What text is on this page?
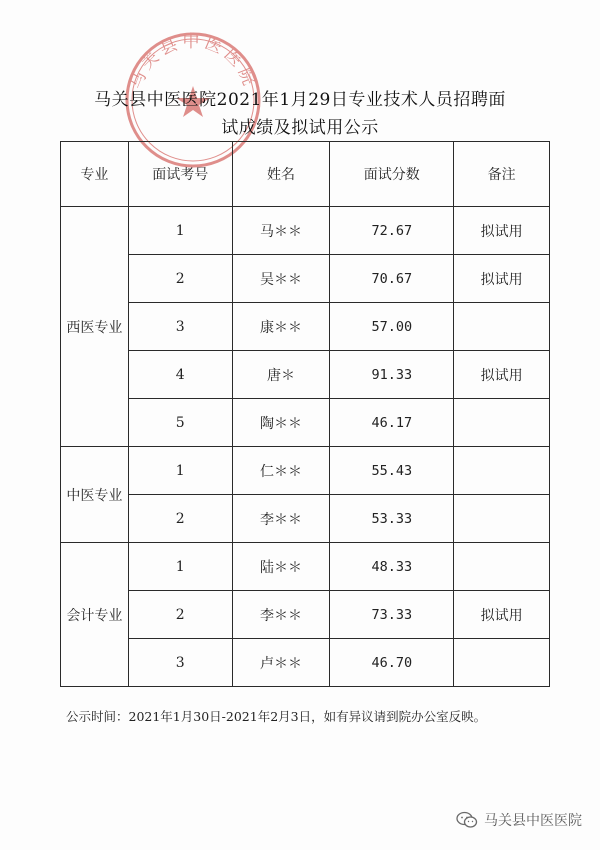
马关县中医医院
马关县中医医院2021年1月29日专业技术人员招聘面
试成绩及拟试用公示
专业	面试考号	姓名	面试分数	备注
西医专业	1	马＊＊	72.67	拟试用
	2	吴＊＊	70.67	拟试用
	3	康＊＊	57.00	
	4	唐＊	91.33	拟试用
	5	陶＊＊	46.17	
中医专业	1	仁＊＊	55.43	
	2	李＊＊	53.33	
会计专业	1	陆＊＊	48.33	
	2	李＊＊	73.33	拟试用
	3	卢＊＊	46.70	
公示时间：2021年1月30日-2021年2月3日，如有异议请到院办公室反映。
马关县中医医院
